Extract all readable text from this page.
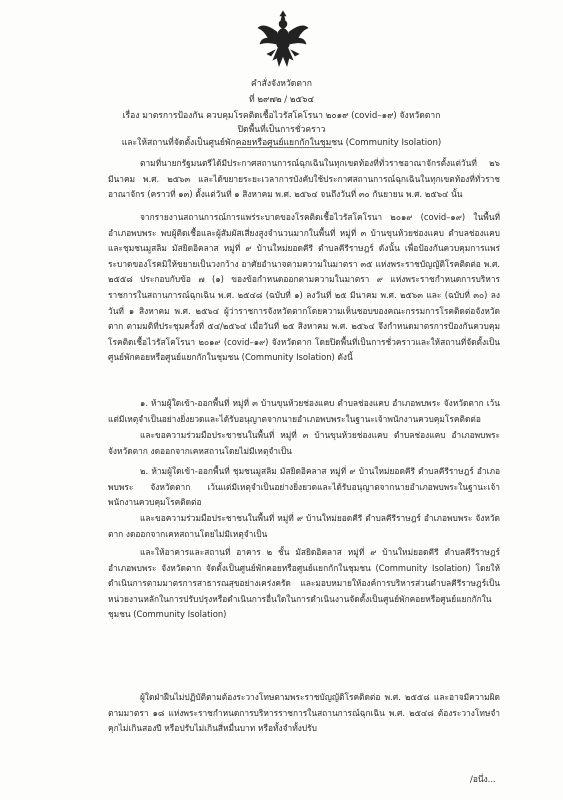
คำสั่งจังหวัดตาก
ที่ ๒๙๗๒ / ๒๕๖๔
เรื่อง มาตรการป้องกัน ควบคุมโรคติดเชื้อไวรัสโคโรนา ๒๐๑๙ (covid–๑๙) จังหวัดตาก
ปิดพื้นที่เป็นการชั่วคราว
และให้สถานที่จัดตั้งเป็นศูนย์พักคอยหรือศูนย์แยกกักในชุมชน (Community Isolation)
ตามที่นายกรัฐมนตรีได้มีประกาศสถานการณ์ฉุกเฉินในทุกเขตท้องที่ทั่วราชอาณาจักรตั้งแต่วันที่ ๒๖ มีนาคม พ.ศ. ๒๕๖๓ และได้ขยายระยะเวลาการบังคับใช้ประกาศสถานการณ์ฉุกเฉินในทุกเขตท้องที่ทั่วราชอาณาจักร (คราวที่ ๑๓) ตั้งแต่วันที่ ๑ สิงหาคม พ.ศ. ๒๕๖๔ จนถึงวันที่ ๓๐ กันยายน พ.ศ. ๒๕๖๔ นั้น
จากรายงานสถานการณ์การแพร่ระบาดของโรคติดเชื้อไวรัสโคโรนา ๒๐๑๙ (covid–๑๙) ในพื้นที่อำเภอพบพระ พบผู้ติดเชื้อและผู้สัมผัสเสี่ยงสูงจำนวนมากในพื้นที่ หมู่ที่ ๓ บ้านขุนห้วยช่องแคบ ตำบลช่องแคบ และชุมชนมูสลิม มัสยิดอิคลาส หมู่ที่ ๙ บ้านใหม่ยอดคีรี ตำบลคีรีราษฎร์ ดังนั้น เพื่อป้องกันควบคุมการแพร่ระบาดของโรคมิให้ขยายเป็นวงกว้าง อาศัยอำนาจตามความในมาตรา ๓๕ แห่งพระราชบัญญัติโรคติดต่อ พ.ศ. ๒๕๕๘ ประกอบกับข้อ ๗ (๑) ของข้อกำหนดออกตามความในมาตรา ๙ แห่งพระราชกำหนดการบริหารราชการในสถานการณ์ฉุกเฉิน พ.ศ. ๒๕๔๘ (ฉบับที่ ๑) ลงวันที่ ๒๕ มีนาคม พ.ศ. ๒๕๖๓ และ (ฉบับที่ ๓๐) ลงวันที่ ๑ สิงหาคม พ.ศ. ๒๕๖๔ ผู้ว่าราชการจังหวัดตากโดยความเห็นชอบของคณะกรรมการโรคติดต่อจังหวัดตาก ตามมติที่ประชุมครั้งที่ ๕๔/๒๕๖๔ เมื่อวันที่ ๒๕ สิงหาคม พ.ศ. ๒๕๖๔ จึงกำหนดมาตรการป้องกันควบคุมโรคติดเชื้อไวรัสโคโรนา ๒๐๑๙ (covid–๑๙) จังหวัดตาก โดยปิดพื้นที่เป็นการชั่วคราวและให้สถานที่จัดตั้งเป็นศูนย์พักคอยหรือศูนย์แยกกักในชุมชน (Community Isolation) ดังนี้
๑. ห้ามผู้ใดเข้า-ออกพื้นที่ หมู่ที่ ๓ บ้านขุนห้วยช่องแคบ ตำบลช่องแคบ อำเภอพบพระ จังหวัดตาก เว้นแต่มีเหตุจำเป็นอย่างยิ่งยวดและได้รับอนุญาตจากนายอำเภอพบพระในฐานะเจ้าพนักงานควบคุมโรคติดต่อ
และขอความร่วมมือประชาชนในพื้นที่ หมู่ที่ ๓ บ้านขุนห้วยช่องแคบ ตำบลช่องแคบ อำเภอพบพระ จังหวัดตาก งดออกจากเคหสถานโดยไม่มีเหตุจำเป็น
๒. ห้ามผู้ใดเข้า-ออกพื้นที่ ชุมชนมูสลิม มัสยิดอิคลาส หมู่ที่ ๙ บ้านใหม่ยอดคีรี ตำบลคีรีราษฎร์ อำเภอพบพระ จังหวัดตาก เว้นแต่มีเหตุจำเป็นอย่างยิ่งยวดและได้รับอนุญาตจากนายอำเภอพบพระในฐานะเจ้าพนักงานควบคุมโรคติดต่อ
และขอความร่วมมือประชาชนในพื้นที่ หมู่ที่ ๙ บ้านใหม่ยอดคีรี ตำบลคีรีราษฎร์ อำเภอพบพระ จังหวัดตาก งดออกจากเคหสถานโดยไม่มีเหตุจำเป็น
และให้อาคารและสถานที่ อาคาร ๒ ชั้น มัสยิดอิคลาส หมู่ที่ ๙ บ้านใหม่ยอดคีรี ตำบลคีรีราษฎร์ อำเภอพบพระ จังหวัดตาก จัดตั้งเป็นศูนย์พักคอยหรือศูนย์แยกกักในชุมชน (Community Isolation) โดยให้ดำเนินการตามมาตรการสาธารณสุขอย่างเคร่งครัด และมอบหมายให้องค์การบริหารส่วนตำบลคีรีราษฎร์เป็นหน่วยงานหลักในการปรับปรุงหรือดำเนินการอื่นใดในการดำเนินงานจัดตั้งเป็นศูนย์พักคอยหรือศูนย์แยกกักในชุมชน (Community Isolation)
ผู้ใดฝ่าฝืนไม่ปฏิบัติตามต้องระวางโทษตามพระราชบัญญัติโรคติดต่อ พ.ศ. ๒๕๕๘ และอาจมีความผิดตามมาตรา ๑๘ แห่งพระราชกำหนดการบริหารราชการในสถานการณ์ฉุกเฉิน พ.ศ. ๒๕๔๘ ต้องระวางโทษจำคุกไม่เกินสองปี หรือปรับไม่เกินสี่หมื่นบาท หรือทั้งจำทั้งปรับ
/อนึ่ง...
